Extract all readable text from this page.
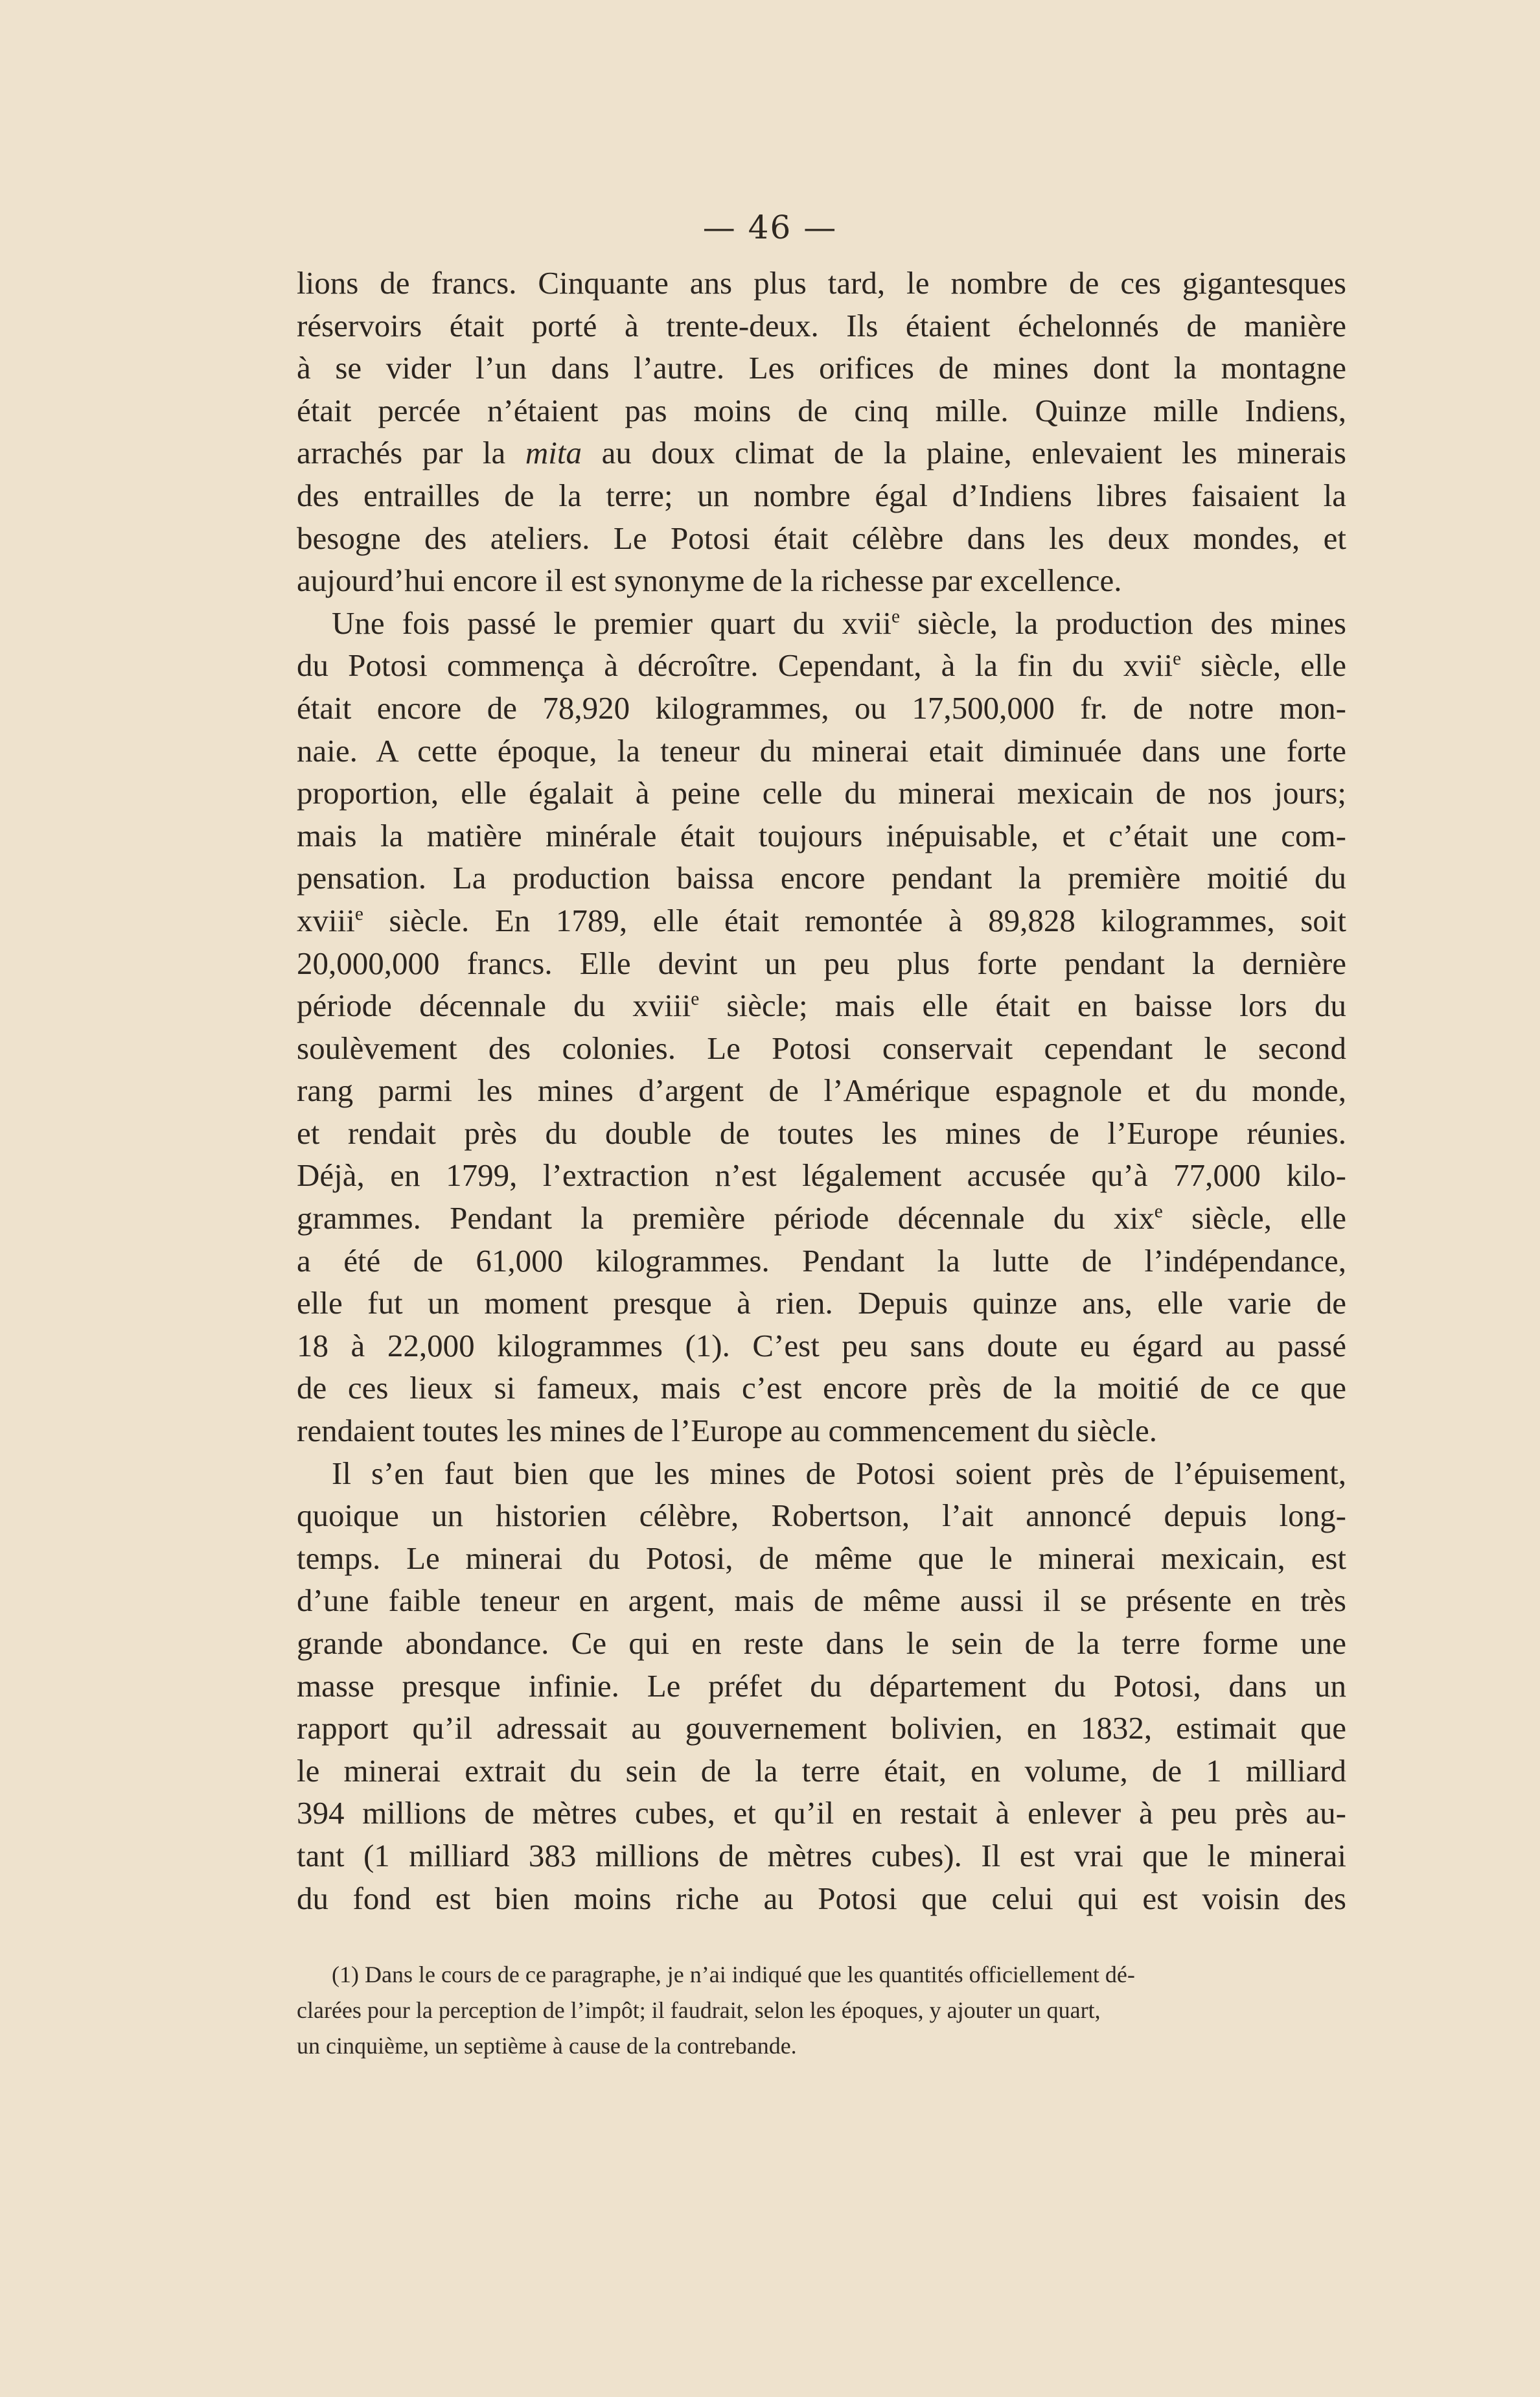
— 46 —

lions de francs. Cinquante ans plus tard, le nombre de ces gigantesques

réservoirs était porté à trente-deux. Ils étaient échelonnés de manière

à se vider l’un dans l’autre. Les orifices de mines dont la montagne

était percée n’étaient pas moins de cinq mille. Quinze mille Indiens,

arrachés par la mita au doux climat de la plaine, enlevaient les minerais

des entrailles de la terre; un nombre égal d’Indiens libres faisaient la

besogne des ateliers. Le Potosi était célèbre dans les deux mondes, et

aujourd’hui encore il est synonyme de la richesse par excellence.

Une fois passé le premier quart du xvii$^e$ siècle, la production des mines

du Potosi commença à décroître. Cependant, à la fin du xvii$^e$ siècle, elle

était encore de 78,920 kilogrammes, ou 17,500,000 fr. de notre mon-

naie. A cette époque, la teneur du minerai etait diminuée dans une forte

proportion, elle égalait à peine celle du minerai mexicain de nos jours;

mais la matière minérale était toujours inépuisable, et c’était une com-

pensation. La production baissa encore pendant la première moitié du

xviii$^e$ siècle. En 1789, elle était remontée à 89,828 kilogrammes, soit

20,000,000 francs. Elle devint un peu plus forte pendant la dernière

période décennale du xviii$^e$ siècle; mais elle était en baisse lors du

soulèvement des colonies. Le Potosi conservait cependant le second

rang parmi les mines d’argent de l’Amérique espagnole et du monde,

et rendait près du double de toutes les mines de l’Europe réunies.

Déjà, en 1799, l’extraction n’est légalement accusée qu’à 77,000 kilo-

grammes. Pendant la première période décennale du xix$^e$ siècle, elle

a été de 61,000 kilogrammes. Pendant la lutte de l’indépendance,

elle fut un moment presque à rien. Depuis quinze ans, elle varie de

18 à 22,000 kilogrammes (1). C’est peu sans doute eu égard au passé

de ces lieux si fameux, mais c’est encore près de la moitié de ce que

rendaient toutes les mines de l’Europe au commencement du siècle.

Il s’en faut bien que les mines de Potosi soient près de l’épuisement,

quoique un historien célèbre, Robertson, l’ait annoncé depuis long-

temps. Le minerai du Potosi, de même que le minerai mexicain, est

d’une faible teneur en argent, mais de même aussi il se présente en très

grande abondance. Ce qui en reste dans le sein de la terre forme une

masse presque infinie. Le préfet du département du Potosi, dans un

rapport qu’il adressait au gouvernement bolivien, en 1832, estimait que

le minerai extrait du sein de la terre était, en volume, de 1 milliard

394 millions de mètres cubes, et qu’il en restait à enlever à peu près au-

tant (1 milliard 383 millions de mètres cubes). Il est vrai que le minerai

du fond est bien moins riche au Potosi que celui qui est voisin des

(1) Dans le cours de ce paragraphe, je n’ai indiqué que les quantités officiellement dé-

clarées pour la perception de l’impôt; il faudrait, selon les époques, y ajouter un quart,

un cinquième, un septième à cause de la contrebande.
